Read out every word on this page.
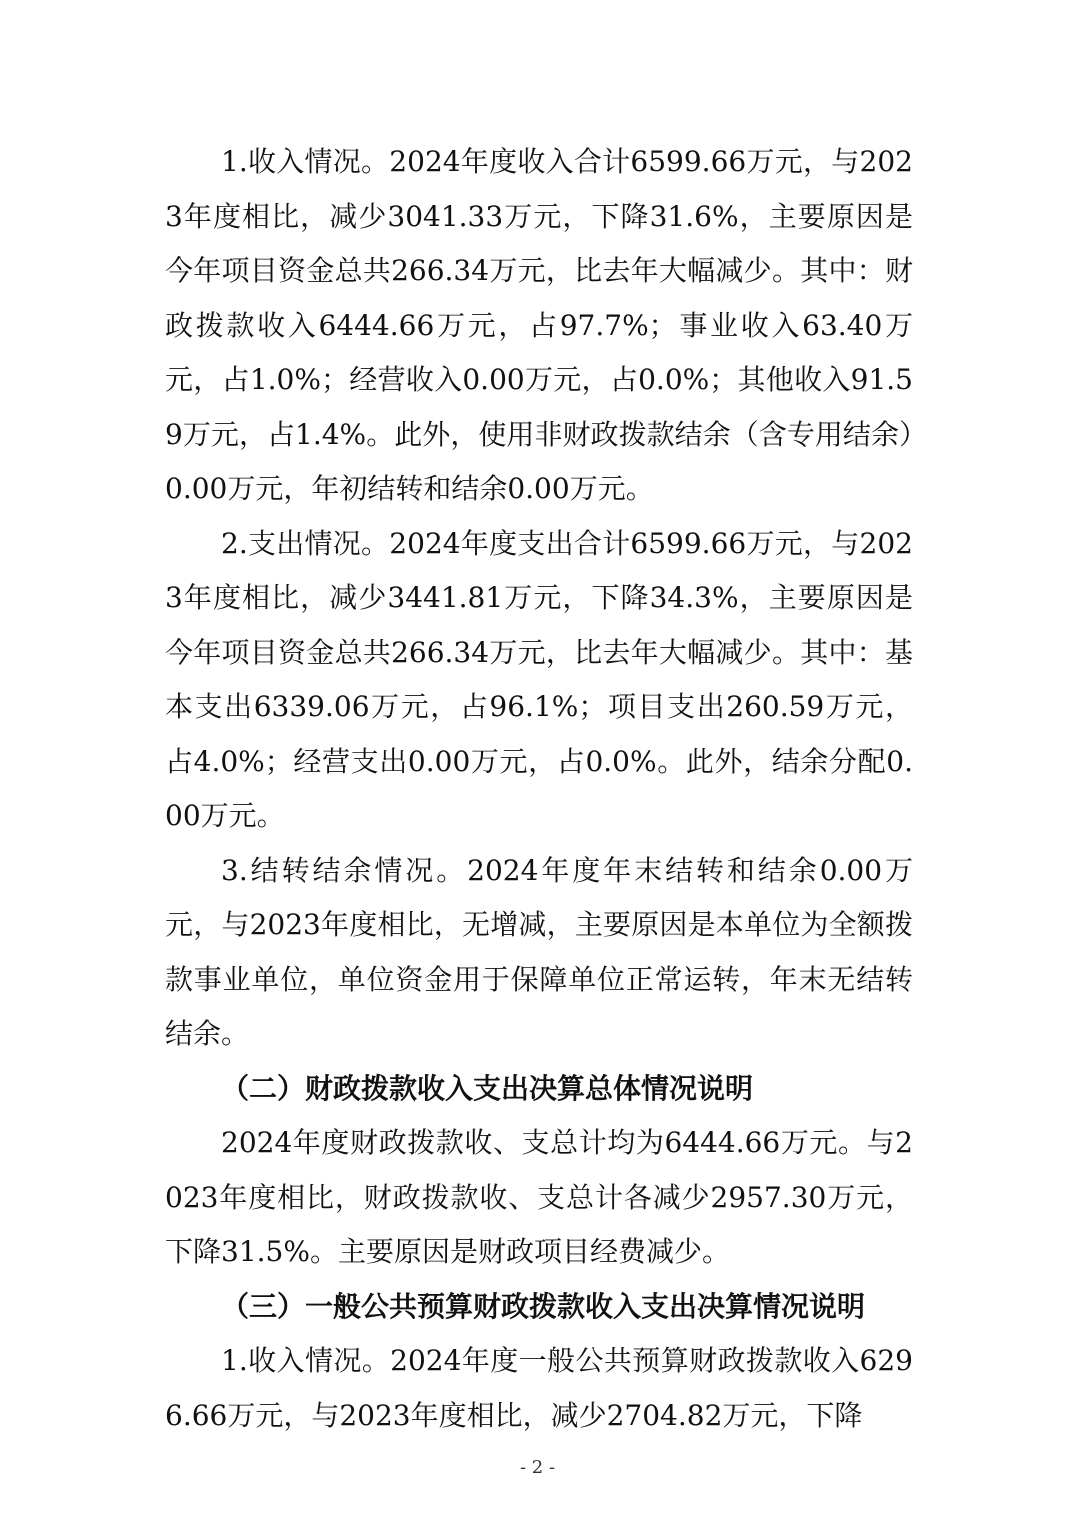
1.收入情况。2024年度收入合计6599.66万元，与2023年度相比，减少3041.33万元，下降31.6%，主要原因是今年项目资金总共266.34万元，比去年大幅减少。其中：财政拨款收入6444.66万元，占97.7%；事业收入63.40万元，占1.0%；经营收入0.00万元，占0.0%；其他收入91.59万元，占1.4%。此外，使用非财政拨款结余（含专用结余）0.00万元，年初结转和结余0.00万元。

2.支出情况。2024年度支出合计6599.66万元，与2023年度相比，减少3441.81万元，下降34.3%，主要原因是今年项目资金总共266.34万元，比去年大幅减少。其中：基本支出6339.06万元，占96.1%；项目支出260.59万元，占4.0%；经营支出0.00万元，占0.0%。此外，结余分配0.00万元。

3.结转结余情况。2024年度年末结转和结余0.00万元，与2023年度相比，无增减，主要原因是本单位为全额拨款事业单位，单位资金用于保障单位正常运转，年末无结转结余。

（二）财政拨款收入支出决算总体情况说明

2024年度财政拨款收、支总计均为6444.66万元。与2023年度相比，财政拨款收、支总计各减少2957.30万元，下降31.5%。主要原因是财政项目经费减少。

（三）一般公共预算财政拨款收入支出决算情况说明

1.收入情况。2024年度一般公共预算财政拨款收入6296.66万元，与2023年度相比，减少2704.82万元，下降

- 2 -
